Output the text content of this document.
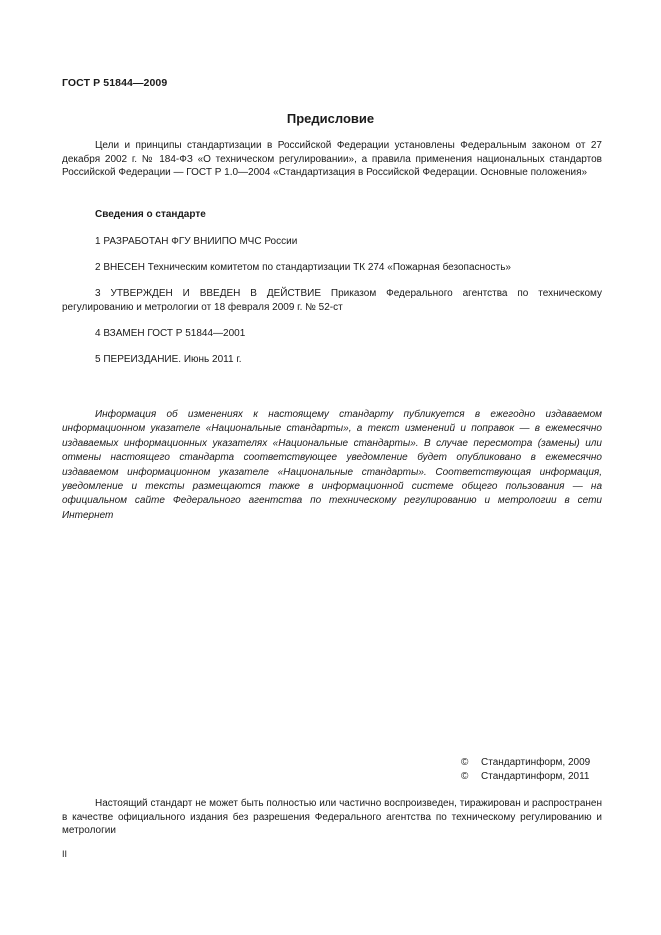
ГОСТ Р 51844—2009
Предисловие
Цели и принципы стандартизации в Российской Федерации установлены Федеральным законом от 27 декабря 2002 г. № 184-ФЗ «О техническом регулировании», а правила применения национальных стандартов Российской Федерации — ГОСТ Р 1.0—2004 «Стандартизация в Российской Федерации. Основные положения»
Сведения о стандарте
1 РАЗРАБОТАН ФГУ ВНИИПО МЧС России
2 ВНЕСЕН Техническим комитетом по стандартизации ТК 274 «Пожарная безопасность»
3 УТВЕРЖДЕН И ВВЕДЕН В ДЕЙСТВИЕ Приказом Федерального агентства по техническому регулированию и метрологии от 18 февраля 2009 г. № 52-ст
4 ВЗАМЕН ГОСТ Р 51844—2001
5 ПЕРЕИЗДАНИЕ. Июнь 2011 г.
Информация об изменениях к настоящему стандарту публикуется в ежегодно издаваемом информационном указателе «Национальные стандарты», а текст изменений и поправок — в ежемесячно издаваемых информационных указателях «Национальные стандарты». В случае пересмотра (замены) или отмены настоящего стандарта соответствующее уведомление будет опубликовано в ежемесячно издаваемом информационном указателе «Национальные стандарты». Соответствующая информация, уведомление и тексты размещаются также в информационной системе общего пользования — на официальном сайте Федерального агентства по техническому регулированию и метрологии в сети Интернет
© Стандартинформ, 2009
© Стандартинформ, 2011
Настоящий стандарт не может быть полностью или частично воспроизведен, тиражирован и распространен в качестве официального издания без разрешения Федерального агентства по техническому регулированию и метрологии
II
